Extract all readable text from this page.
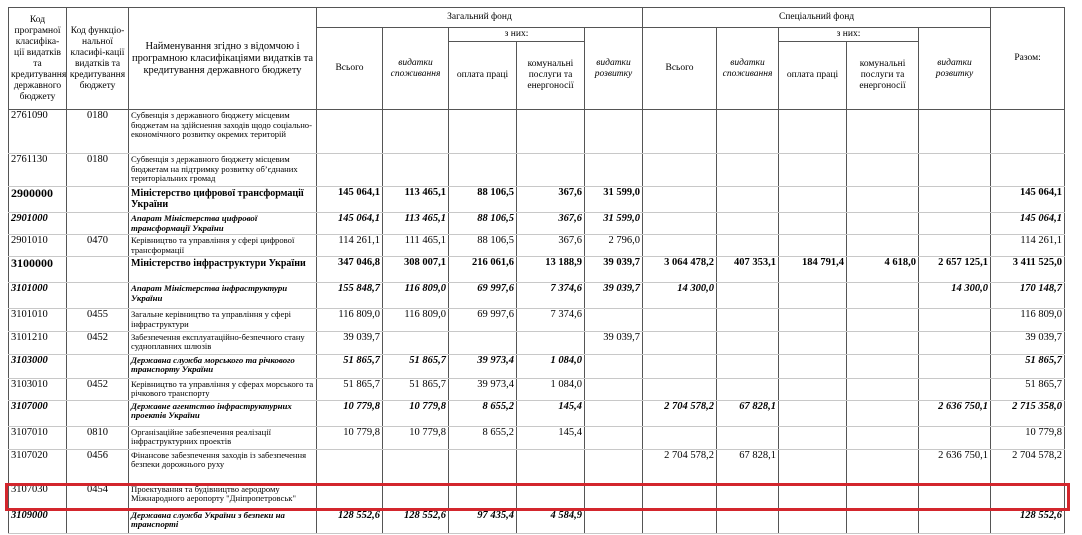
Код програмної класифіка-ції видатків та кредитування державного бюджету	Код функціо-нальної класифі-кації видатків та кредитування бюджету	Найменування згідно з відомчою і програмною класифікаціями видатків та кредитування державного бюджету	Загальний фонд					Спеціальний фонд					Разом:
			Всього	видатки споживання	з них:		видатки розвитку	Всього	видатки споживання	з них:		видатки розвитку	
					оплата праці	комунальні послуги та енергоносії				оплата праці	комунальні послуги та енергоносії		
2761090	0180	Субвенція з державного бюджету місцевим бюджетам на здійснення заходів щодо соціально-економічного розвитку окремих територій											
2761130	0180	Субвенція з державного бюджету місцевим бюджетам на підтримку розвитку об’єднаних територіальних громад											
2900000		Міністерство цифрової трансформації України	145 064,1	113 465,1	88 106,5	367,6	31 599,0						145 064,1
2901000		Апарат Міністерства цифрової трансформації України	145 064,1	113 465,1	88 106,5	367,6	31 599,0						145 064,1
2901010	0470	Керівництво та управління у сфері цифрової трансформації	114 261,1	111 465,1	88 106,5	367,6	2 796,0						114 261,1
3100000		Міністерство інфраструктури України	347 046,8	308 007,1	216 061,6	13 188,9	39 039,7	3 064 478,2	407 353,1	184 791,4	4 618,0	2 657 125,1	3 411 525,0
3101000		Апарат Міністерства інфраструктури України	155 848,7	116 809,0	69 997,6	7 374,6	39 039,7	14 300,0				14 300,0	170 148,7
3101010	0455	Загальне керівництво та управління у сфері інфраструктури	116 809,0	116 809,0	69 997,6	7 374,6							116 809,0
3101210	0452	Забезпечення експлуатаційно-безпечного стану судноплавних шлюзів	39 039,7				39 039,7						39 039,7
3103000		Державна служба морського та річкового транспорту України	51 865,7	51 865,7	39 973,4	1 084,0							51 865,7
3103010	0452	Керівництво та управління у сферах морського та річкового транспорту	51 865,7	51 865,7	39 973,4	1 084,0							51 865,7
3107000		Державне агентство інфраструктурних проектів України	10 779,8	10 779,8	8 655,2	145,4		2 704 578,2	67 828,1			2 636 750,1	2 715 358,0
3107010	0810	Організаційне забезпечення реалізації інфраструктурних проектів	10 779,8	10 779,8	8 655,2	145,4							10 779,8
3107020	0456	Фінансове забезпечення заходів із забезпечення безпеки дорожнього руху						2 704 578,2	67 828,1			2 636 750,1	2 704 578,2
3107030	0454	Проектування та будівництво аеродрому Міжнародного аеропорту "Дніпропетровськ"											
3109000		Державна служба України з безпеки на транспорті	128 552,6	128 552,6	97 435,4	4 584,9							128 552,6
